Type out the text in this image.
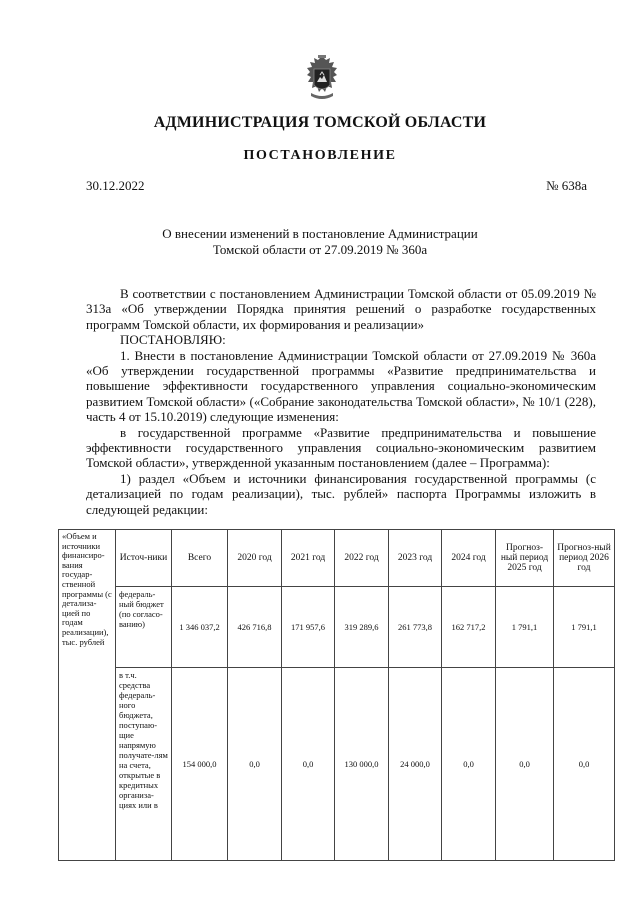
АДМИНИСТРАЦИЯ ТОМСКОЙ ОБЛАСТИ
ПОСТАНОВЛЕНИЕ
30.12.2022	№ 638а
О внесении изменений в постановление Администрации
Томской области от 27.09.2019 № 360а

В соответствии с постановлением Администрации Томской области от 05.09.2019 № 313а «Об утверждении Порядка принятия решений о разработке государственных программ Томской области, их формирования и реализации»

ПОСТАНОВЛЯЮ:

1. Внести в постановление Администрации Томской области от 27.09.2019 № 360а «Об утверждении государственной программы «Развитие предпринимательства и повышение эффективности государственного управления социально-экономическим развитием Томской области» («Собрание законодательства Томской области», № 10/1 (228), часть 4 от 15.10.2019) следующие изменения:

в государственной программе «Развитие предпринимательства и повышение эффективности государственного управления социально-экономическим развитием Томской области», утвержденной указанным постановлением (далее – Программа):

1) раздел «Объем и источники финансирования государственной программы (с детализацией по годам реализации), тыс. рублей» паспорта Программы изложить в следующей редакции:

«Объем и источники финансиро-вания государ-ственной программы (с детализа-цией по годам реализации), тыс. рублей	Источ-ники	Всего	2020 год	2021 год	2022 год	2023 год	2024 год	Прогноз-ный период 2025 год	Прогноз-ный период 2026 год
	федераль-ный бюджет (по согласо-ванию)	1 346 037,2	426 716,8	171 957,6	319 289,6	261 773,8	162 717,2	1 791,1	1 791,1
	в т.ч. средства федераль-ного бюджета, поступаю-щие напрямую получате-лям на счета, открытые в кредитных организа-циях или в	154 000,0	0,0	0,0	130 000,0	24 000,0	0,0	0,0	0,0
